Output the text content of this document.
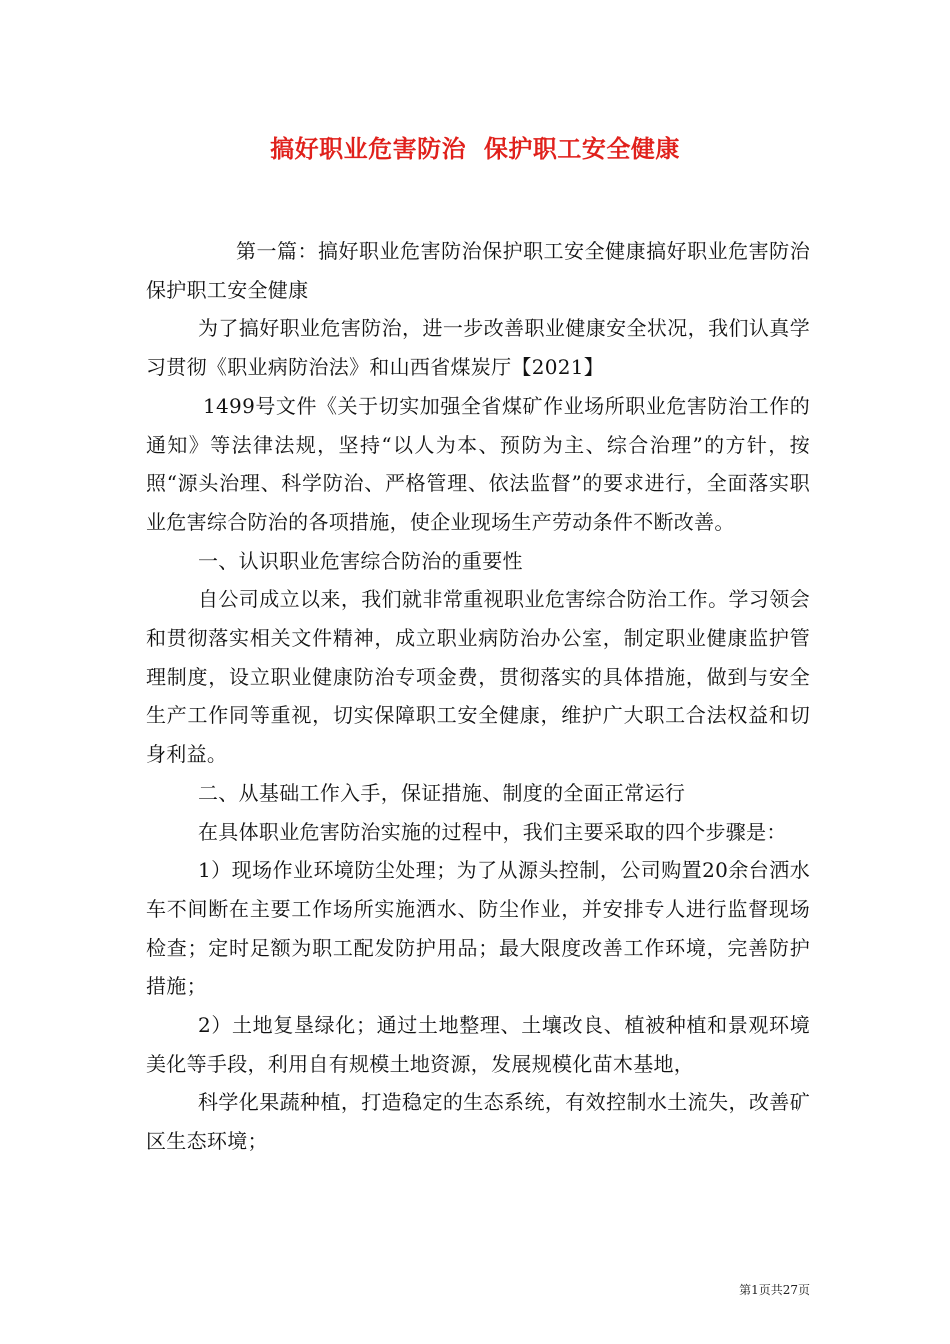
搞好职业危害防治  保护职工安全健康

第一篇：搞好职业危害防治保护职工安全健康搞好职业危害防治保护职工安全健康

为了搞好职业危害防治，进一步改善职业健康安全状况，我们认真学习贯彻《职业病防治法》和山西省煤炭厅【2021】

1499号文件《关于切实加强全省煤矿作业场所职业危害防治工作的通知》等法律法规，坚持“以人为本、预防为主、综合治理”的方针，按照“源头治理、科学防治、严格管理、依法监督”的要求进行，全面落实职业危害综合防治的各项措施，使企业现场生产劳动条件不断改善。

一、认识职业危害综合防治的重要性

自公司成立以来，我们就非常重视职业危害综合防治工作。学习领会和贯彻落实相关文件精神，成立职业病防治办公室，制定职业健康监护管理制度，设立职业健康防治专项金费，贯彻落实的具体措施，做到与安全生产工作同等重视，切实保障职工安全健康，维护广大职工合法权益和切身利益。

二、从基础工作入手，保证措施、制度的全面正常运行

在具体职业危害防治实施的过程中，我们主要采取的四个步骤是：

1）现场作业环境防尘处理；为了从源头控制，公司购置20余台洒水车不间断在主要工作场所实施洒水、防尘作业，并安排专人进行监督现场检查；定时足额为职工配发防护用品；最大限度改善工作环境，完善防护措施；

2）土地复垦绿化；通过土地整理、土壤改良、植被种植和景观环境美化等手段，利用自有规模土地资源，发展规模化苗木基地，

科学化果蔬种植，打造稳定的生态系统，有效控制水土流失，改善矿区生态环境；

第1页共27页
